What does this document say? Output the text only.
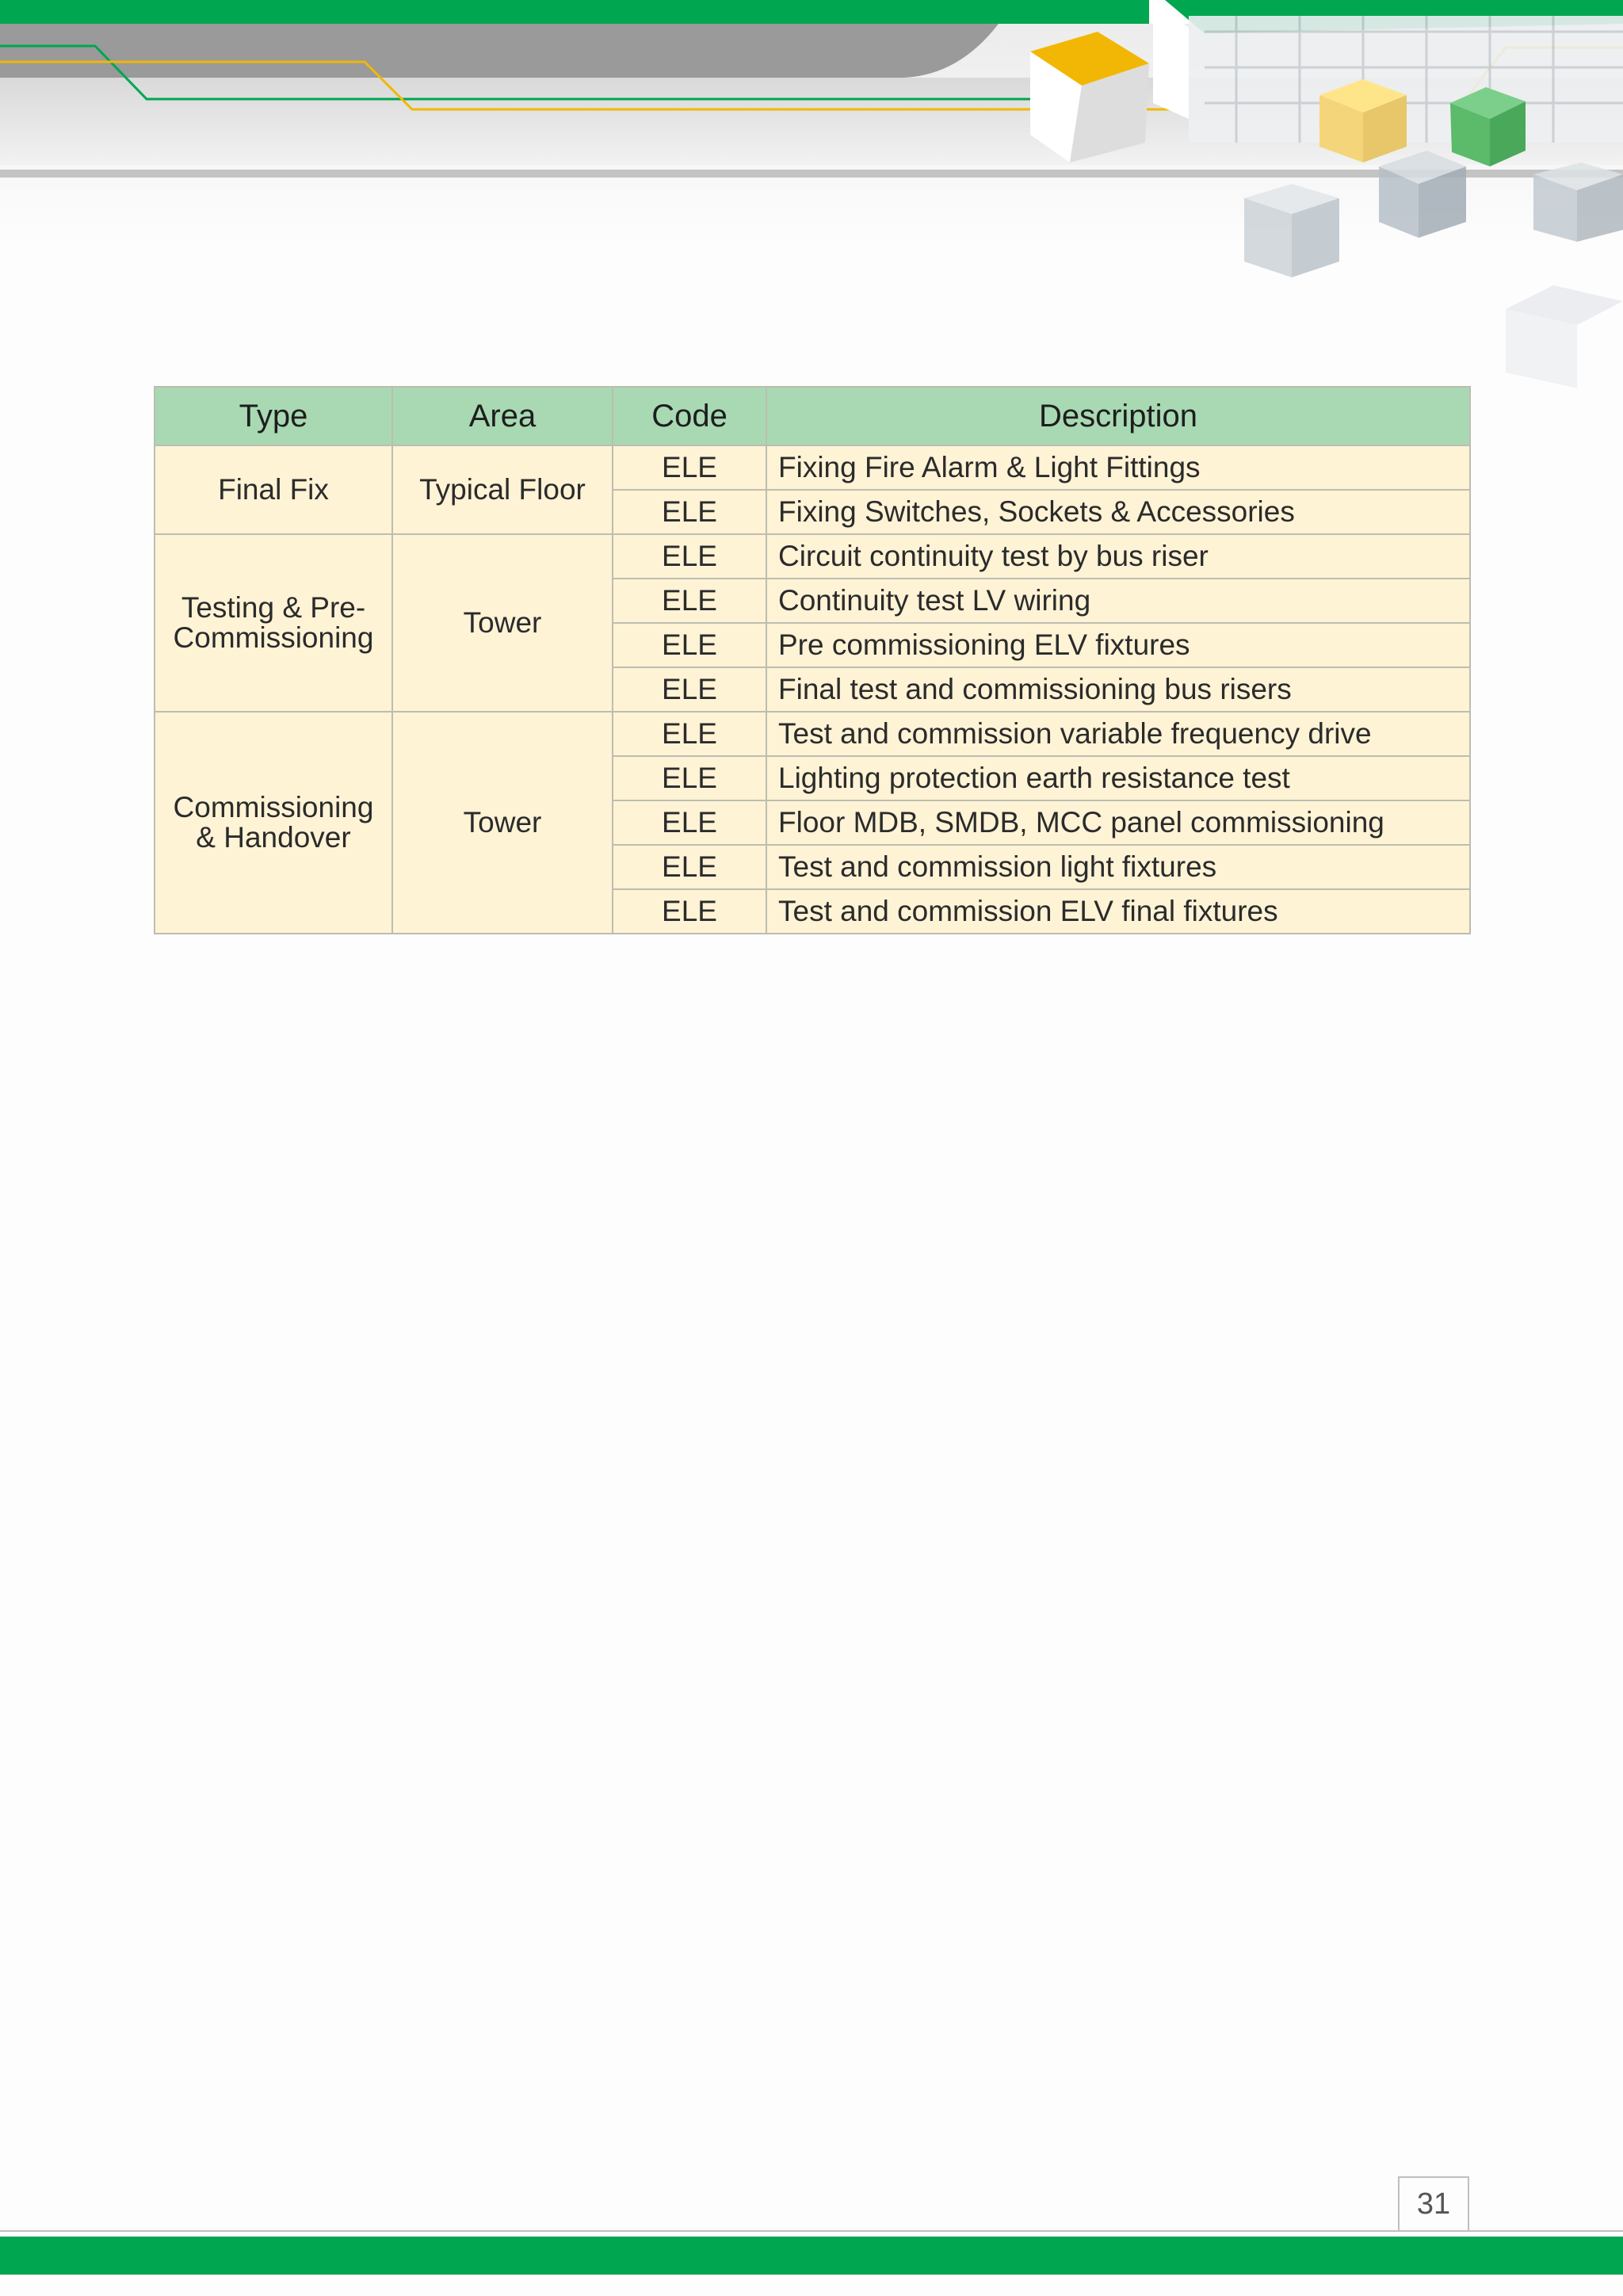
Type	Area	Code	Description
Final Fix	Typical Floor	ELE	Fixing Fire Alarm & Light Fittings
		ELE	Fixing Switches, Sockets & Accessories
Testing & Pre-
Commissioning	Tower	ELE	Circuit continuity test by bus riser
		ELE	Continuity test LV wiring
		ELE	Pre commissioning ELV fixtures
		ELE	Final test and commissioning bus risers
Commissioning
& Handover	Tower	ELE	Test and commission variable frequency drive
		ELE	Lighting protection earth resistance test
		ELE	Floor MDB, SMDB, MCC panel commissioning
		ELE	Test and commission light fixtures
		ELE	Test and commission ELV final fixtures
31
